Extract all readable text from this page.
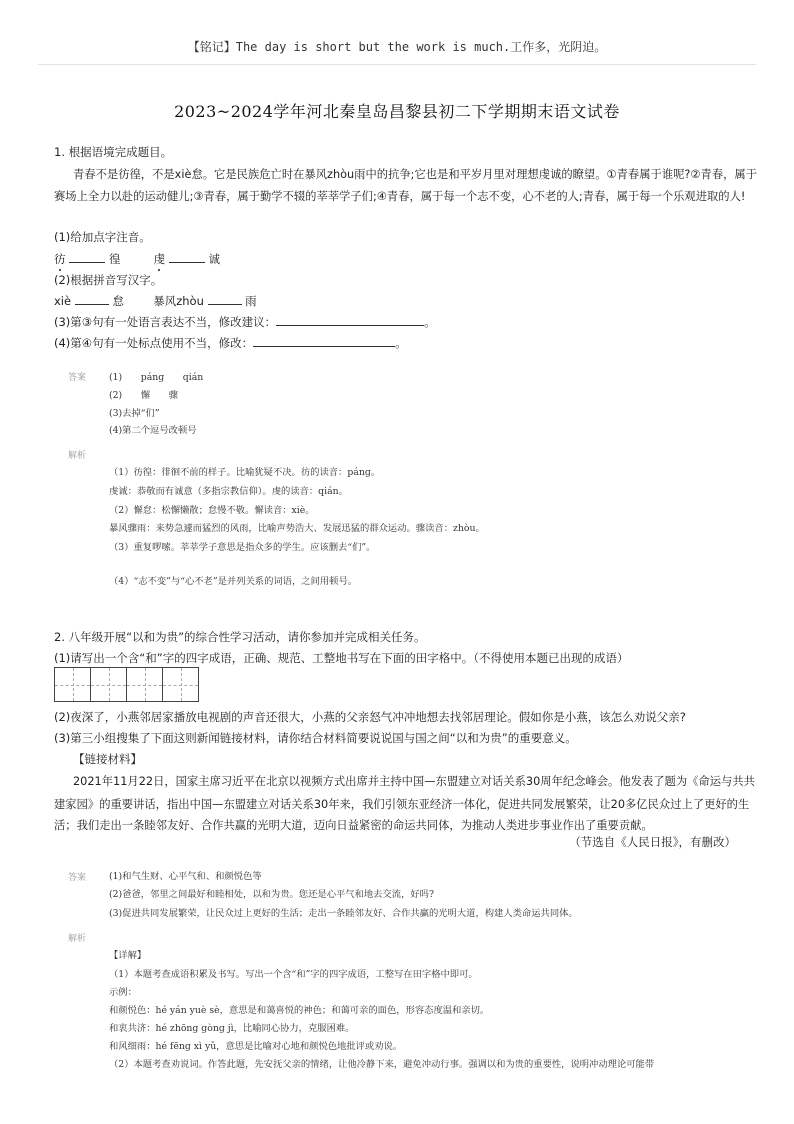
【铭记】The day is short but the work is much.工作多，光阴迫。
2023~2024学年河北秦皇岛昌黎县初二下学期期末语文试卷
1. 根据语境完成题目。
青春不是彷徨，不是xiè怠。它是民族危亡时在暴风zhòu雨中的抗争;它也是和平岁月里对理想虔诚的瞭望。①青春属于谁呢?②青春，属于
赛场上全力以赴的运动健儿;③青春，属于勤学不辍的莘莘学子们;④青春，属于每一个志不变，心不老的人;青春，属于每一个乐观进取的人!
(1)给加点字注音。
彷	徨	虔	诚
(2)根据拼音写汉字。
xiè	怠	暴风zhòu	雨
(3)第③句有一处语言表达不当，修改建议：	。
(4)第④句有一处标点使用不当，修改：	。
答案 (1)　　pánɡ　　qián
(2)　　懈　　骤
(3)去掉“们”
(4)第二个逗号改顿号
解析
（1）彷徨：徘徊不前的样子。比喻犹疑不决。彷的读音：pánɡ。
虔诚：恭敬而有诚意（多指宗教信仰）。虔的读音：qián。
（2）懈怠：松懈懒散；怠慢不敬。懈读音：xiè。
暴风骤雨：来势急遽而猛烈的风雨，比喻声势浩大、发展迅猛的群众运动。骤读音：zhòu。
（3）重复啰嗦。莘莘学子意思是指众多的学生。应该删去“们”。
（4）“志不变”与“心不老”是并列关系的词语，之间用顿号。
2. 八年级开展“以和为贵”的综合性学习活动，请你参加并完成相关任务。
(1)请写出一个含“和”字的四字成语，正确、规范、工整地书写在下面的田字格中。（不得使用本题已出现的成语）
(2)夜深了，小燕邻居家播放电视剧的声音还很大，小燕的父亲怒气冲冲地想去找邻居理论。假如你是小燕，该怎么劝说父亲?
(3)第三小组搜集了下面这则新闻链接材料，请你结合材料简要说说国与国之间“以和为贵”的重要意义。
【链接材料】
2021年11月22日，国家主席习近平在北京以视频方式出席并主持中国—东盟建立对话关系30周年纪念峰会。他发表了题为《命运与共共
建家园》的重要讲话，指出中国—东盟建立对话关系30年来，我们引领东亚经济一体化，促进共同发展繁荣，让20多亿民众过上了更好的生
活；我们走出一条睦邻友好、合作共赢的光明大道，迈向日益紧密的命运共同体，为推动人类进步事业作出了重要贡献。
（节选自《人民日报》，有删改）
答案 (1)和气生财、心平气和、和颜悦色等
(2)爸爸，邻里之间最好和睦相处，以和为贵。您还是心平气和地去交流，好吗?
(3)促进共同发展繁荣，让民众过上更好的生活；走出一条睦邻友好、合作共赢的光明大道，构建人类命运共同体。
解析
【详解】
（1）本题考查成语积累及书写。写出一个含“和”字的四字成语，工整写在田字格中即可。
示例：
和颜悦色：hé yán yuè sè，意思是和蔼喜悦的神色；和蔼可亲的面色，形容态度温和亲切。
和衷共济：hé zhōng gòng jì，比喻同心协力，克服困难。
和风细雨：hé fēng xì yǔ，意思是比喻对心地和颜悦色地批评或劝说。
（2）本题考查劝说词。作答此题，先安抚父亲的情绪，让他冷静下来，避免冲动行事。强调以和为贵的重要性，说明冲动理论可能带
